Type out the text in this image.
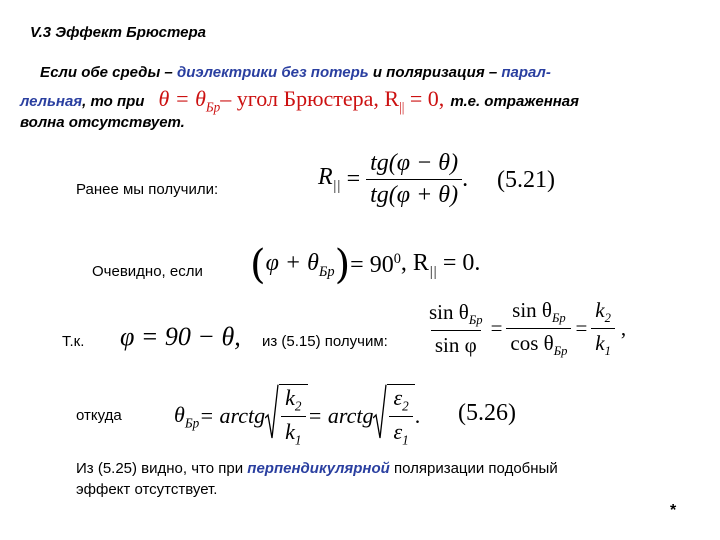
V.3 Эффект Брюстера
Если обе среды – диэлектрики без потерь и поляризация – парал-
лельная , то при $\theta = \theta_{Бр}$ – угол Брюстера, $R_{||} = 0$, т.е. отраженная
волна отсутствует.
Ранее мы получили:	$R_{||} = \frac{tg(\varphi - \theta)}{tg(\varphi + \theta)}$ . (5.21)
Очевидно, если ( $\varphi + \theta_{Бр}$ ) = $90^0$ , $R_{||} = 0$.
Т.к. φ = 90 − θ, из (5.15) получим: $\frac{\sin \theta_{Бр}}{\text{sin φ}} = \frac{\sin \theta_{Бр}}{\cos \theta_{Бр}} = \frac{k_2}{k_1}$ ,
откуда $\theta_{Бр}$ = arctg $\frac{k_2}{k_1}$ = arctg $\frac{\varepsilon_2}{\varepsilon_1}$ . (5.26)
Из (5.25) видно, что при перпендикулярной поляризации подобный
эффект отсутствует.
*
